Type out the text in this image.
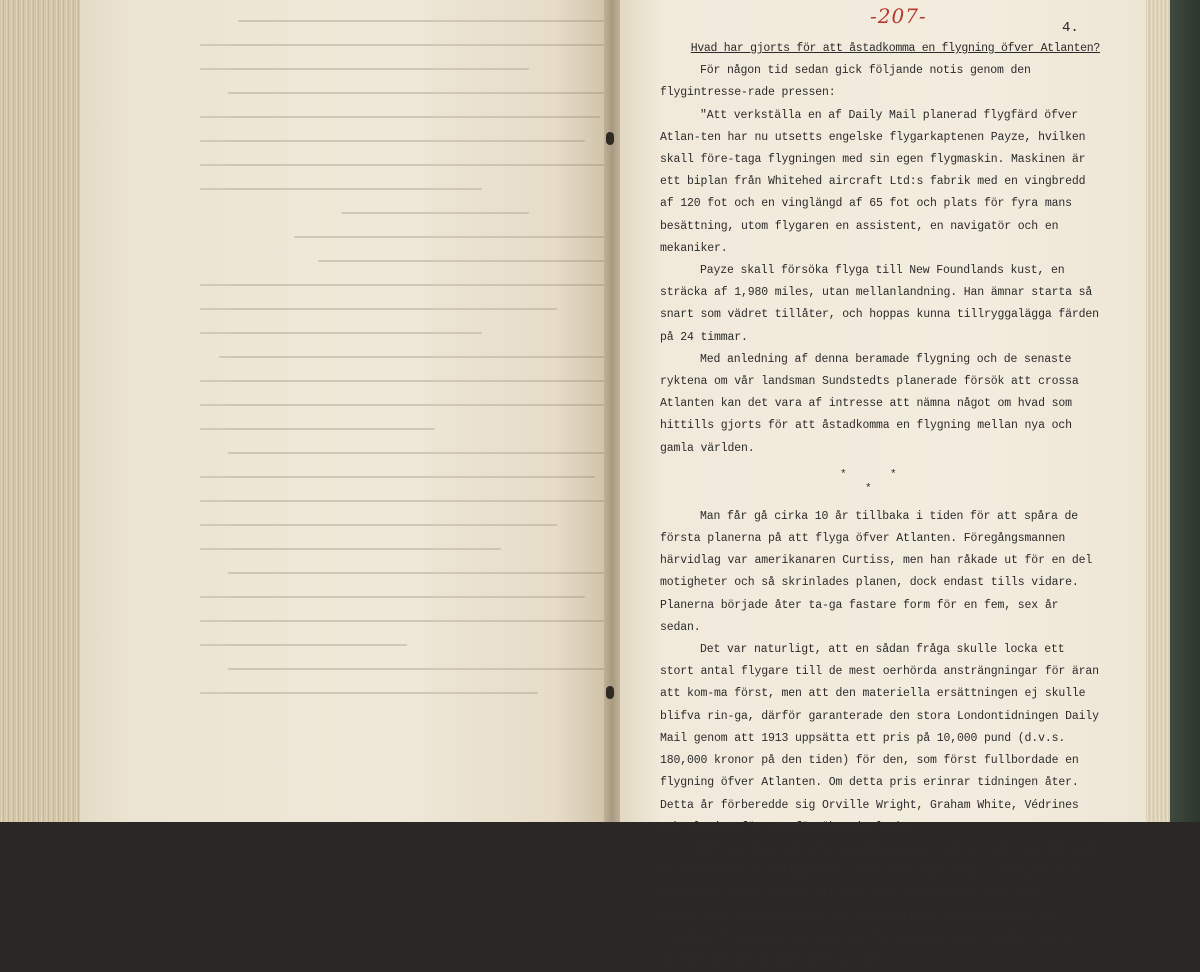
-207-	4.

Hvad har gjorts för att åstadkomma en flygning öfver Atlanten?

För någon tid sedan gick följande notis genom den flygintresse-rade pressen:

"Att verkställa en af Daily Mail planerad flygfärd öfver Atlan-ten har nu utsetts engelske flygarkaptenen Payze, hvilken skall före-taga flygningen med sin egen flygmaskin. Maskinen är ett biplan från Whitehed aircraft Ltd:s fabrik med en vingbredd af 120 fot och en vinglängd af 65 fot och plats för fyra mans besättning, utom flygaren en assistent, en navigatör och en mekaniker.

Payze skall försöka flyga till New Foundlands kust, en sträcka af 1,980 miles, utan mellanlandning. Han ämnar starta så snart som vädret tillåter, och hoppas kunna tillryggalägga färden på 24 timmar.

Med anledning af denna beramade flygning och de senaste ryktena om vår landsman Sundstedts planerade försök att crossa Atlanten kan det vara af intresse att nämna något om hvad som hittills gjorts för att åstadkomma en flygning mellan nya och gamla världen.

*	*
*

Man får gå cirka 10 år tillbaka i tiden för att spåra de första planerna på att flyga öfver Atlanten. Föregångsmannen härvidlag var amerikanaren Curtiss, men han råkade ut för en del motigheter och så skrinlades planen, dock endast tills vidare. Planerna började åter ta-ga fastare form för en fem, sex år sedan.

Det var naturligt, att en sådan fråga skulle locka ett stort antal flygare till de mest oerhörda ansträngningar för äran att kom-ma först, men att den materiella ersättningen ej skulle blifva rin-ga, därför garanterade den stora Londontidningen Daily Mail genom att 1913 uppsätta ett pris på 10,000 pund (d.v.s. 180,000 kronor på den tiden) för den, som först fullbordade en flygning öfver Atlanten. Om detta pris erinrar tidningen åter. Detta år förberedde sig Orville Wright, Graham White, Védrines och Bleriot för att försöka sin lycka.

Det var två motsatta uppfattningar, som gjorde sig gällande be-träffande de möjligheter, som stodo till buds. Védrines och andra med honom menade att den enda möjligheten vore att konstruera en maskin med största tänkbara hastighet och att företaga flygningen en-sam. Ju fortare det gick, desto större skulle chanserna vara att lyc-kas.
